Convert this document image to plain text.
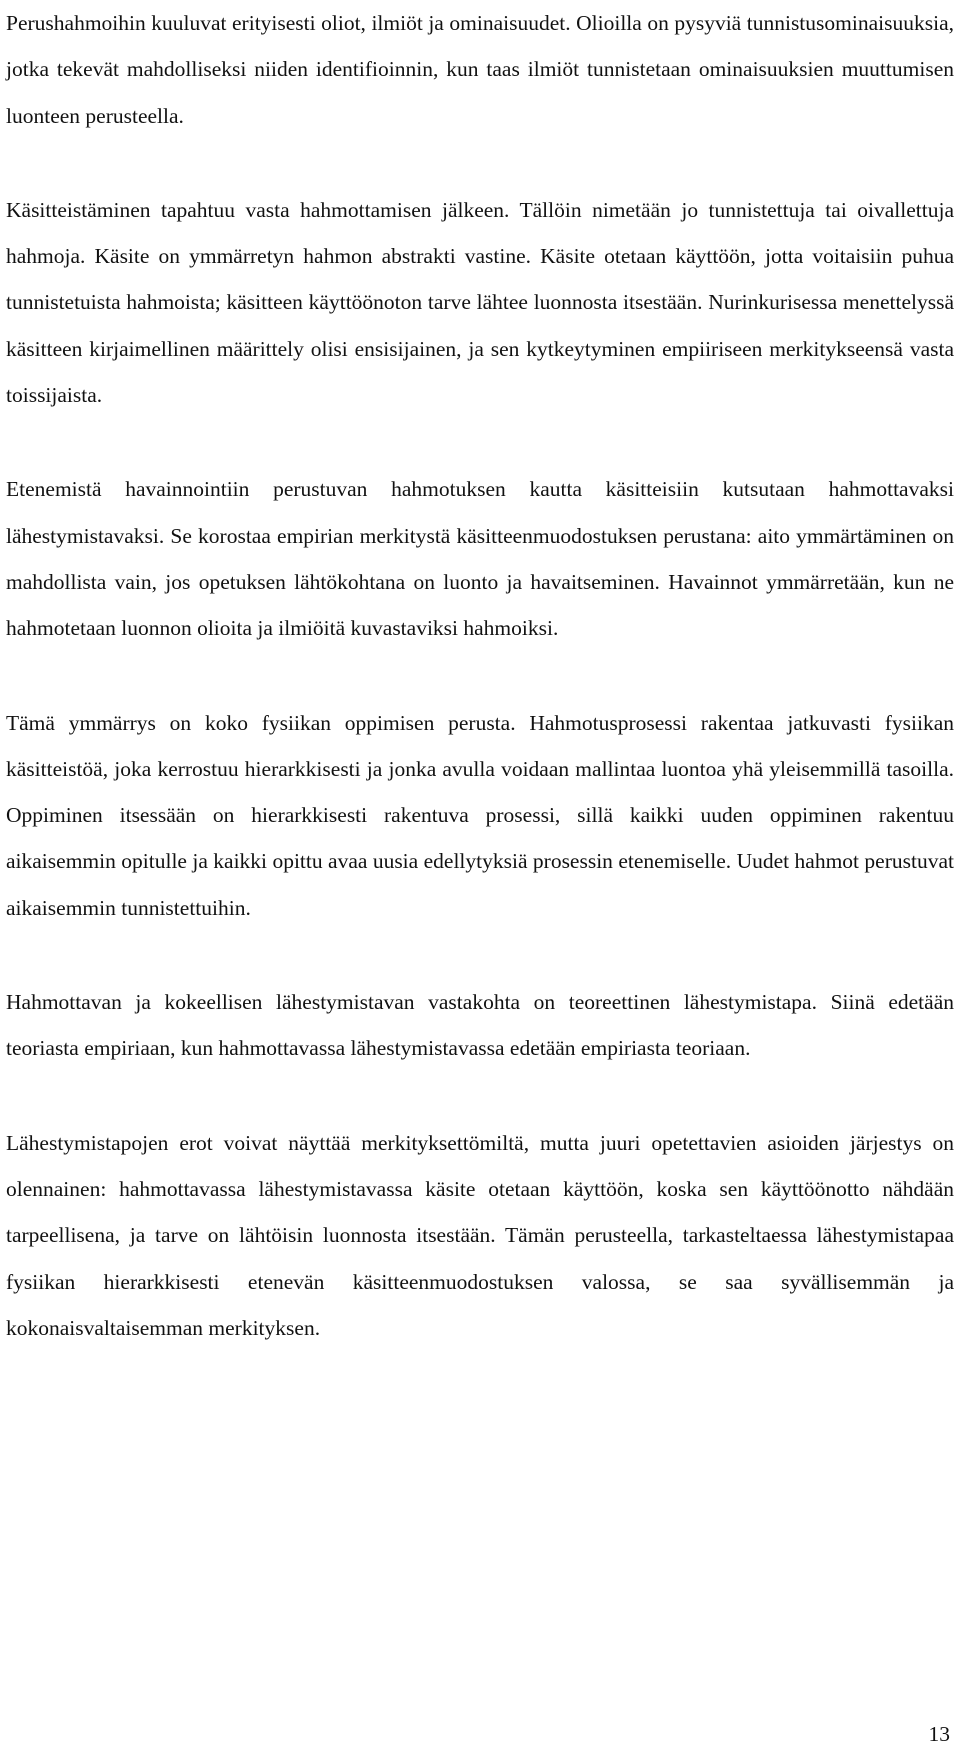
Perushahmoihin kuuluvat erityisesti oliot, ilmiöt ja ominaisuudet. Olioilla on pysyviä tunnistusominaisuuksia, jotka tekevät mahdolliseksi niiden identifioinnin, kun taas ilmiöt tunnistetaan ominaisuuksien muuttumisen luonteen perusteella.

Käsitteistäminen tapahtuu vasta hahmottamisen jälkeen. Tällöin nimetään jo tunnistettuja tai oivallettuja hahmoja. Käsite on ymmärretyn hahmon abstrakti vastine. Käsite otetaan käyttöön, jotta voitaisiin puhua tunnistetuista hahmoista; käsitteen käyttöönoton tarve lähtee luonnosta itsestään. Nurinkurisessa menettelyssä käsitteen kirjaimellinen määrittely olisi ensisijainen, ja sen kytkeytyminen empiiriseen merkitykseensä vasta toissijaista.

Etenemistä havainnointiin perustuvan hahmotuksen kautta käsitteisiin kutsutaan hahmottavaksi lähestymistavaksi. Se korostaa empirian merkitystä käsitteenmuodostuksen perustana: aito ymmärtäminen on mahdollista vain, jos opetuksen lähtökohtana on luonto ja havaitseminen. Havainnot ymmärretään, kun ne hahmotetaan luonnon olioita ja ilmiöitä kuvastaviksi hahmoiksi.

Tämä ymmärrys on koko fysiikan oppimisen perusta. Hahmotusprosessi rakentaa jatkuvasti fysiikan käsitteistöä, joka kerrostuu hierarkkisesti ja jonka avulla voidaan mallintaa luontoa yhä yleisemmillä tasoilla. Oppiminen itsessään on hierarkkisesti rakentuva prosessi, sillä kaikki uuden oppiminen rakentuu aikaisemmin opitulle ja kaikki opittu avaa uusia edellytyksiä prosessin etenemiselle. Uudet hahmot perustuvat aikaisemmin tunnistettuihin.

Hahmottavan ja kokeellisen lähestymistavan vastakohta on teoreettinen lähestymistapa. Siinä edetään teoriasta empiriaan, kun hahmottavassa lähestymistavassa edetään empiriasta teoriaan.

Lähestymistapojen erot voivat näyttää merkityksettömiltä, mutta juuri opetettavien asioiden järjestys on olennainen: hahmottavassa lähestymistavassa käsite otetaan käyttöön, koska sen käyttöönotto nähdään tarpeellisena, ja tarve on lähtöisin luonnosta itsestään. Tämän perusteella, tarkasteltaessa lähestymistapaa fysiikan hierarkkisesti etenevän käsitteenmuodostuksen valossa, se saa syvällisemmän ja kokonaisvaltaisemman merkityksen.

13
